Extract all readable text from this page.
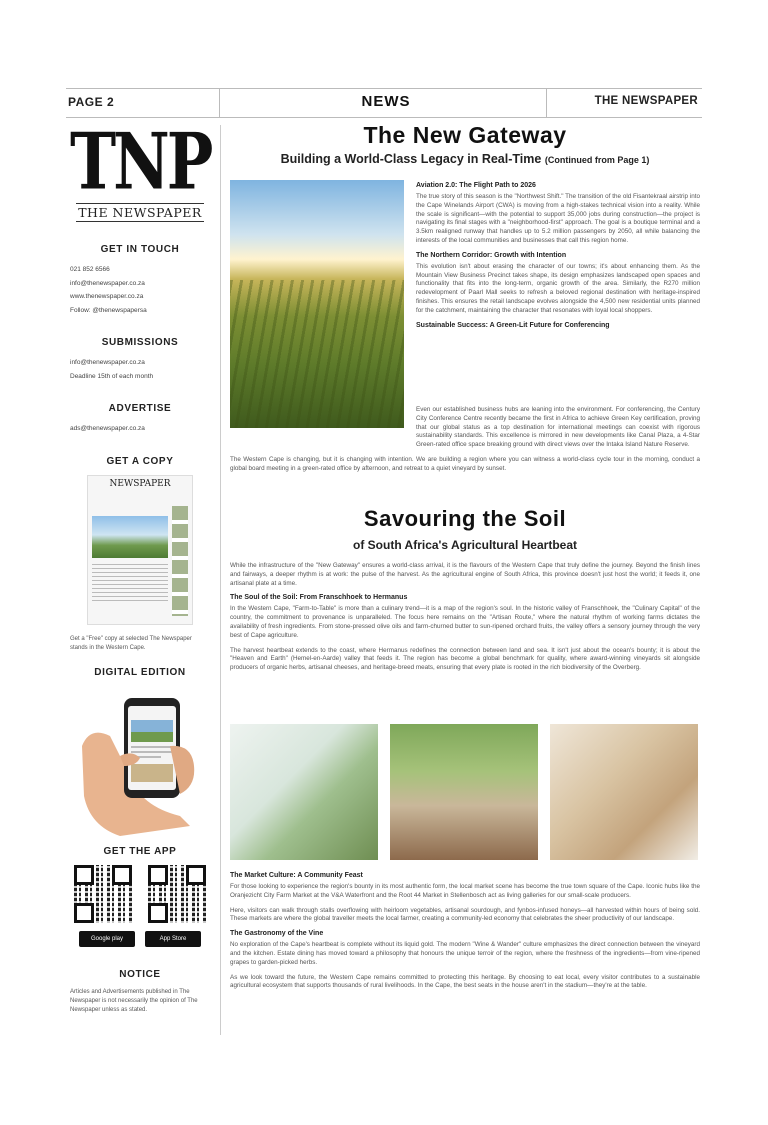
PAGE 2	NEWS	THE NEWSPAPER
TNP
THE NEWSPAPER
GET IN TOUCH
021 852 6566
info@thenewspaper.co.za
www.thenewspaper.co.za
Follow: @thenewspapersa
SUBMISSIONS
info@thenewspaper.co.za
Deadline 15th of each month
ADVERTISE
ads@thenewspaper.co.za
GET A COPY
NEWSPAPER
Get a "Free" copy at selected The Newspaper stands in the Western Cape.
DIGITAL EDITION
GET THE APP
Google play	App Store
NOTICE
Articles and Advertisements published in The Newspaper is not necessarily the opinion of The Newspaper unless as stated.
The New Gateway
Building a World-Class Legacy in Real-Time (Continued from Page 1)
Aviation 2.0: The Flight Path to 2026
The true story of this season is the "Northwest Shift." The transition of the old Fisantekraal airstrip into the Cape Winelands Airport (CWA) is moving from a high-stakes technical vision into a reality. While the scale is significant—with the potential to support 35,000 jobs during construction—the project is navigating its final stages with a "neighborhood-first" approach. The goal is a boutique terminal and a 3.5km realigned runway that handles up to 5.2 million passengers by 2050, all while balancing the interests of the local communities and businesses that call this region home.
The Northern Corridor: Growth with Intention
This evolution isn't about erasing the character of our towns; it's about enhancing them. As the Mountain View Business Precinct takes shape, its design emphasizes landscaped open spaces and functionality that fits into the long-term, organic growth of the area. Similarly, the R270 million redevelopment of Paarl Mall seeks to refresh a beloved regional destination with heritage-inspired finishes. This ensures the retail landscape evolves alongside the 4,500 new residential units planned for the catchment, maintaining the character that resonates with loyal local shoppers.
Sustainable Success: A Green-Lit Future for Conferencing
Even our established business hubs are leaning into the environment. For conferencing, the Century City Conference Centre recently became the first in Africa to achieve Green Key certification, proving that our global status as a top destination for international meetings can coexist with rigorous sustainability standards. This excellence is mirrored in new developments like Canal Plaza, a 4-Star Green-rated office space breaking ground with direct views over the Intaka Island Nature Reserve.
The Western Cape is changing, but it is changing with intention. We are building a region where you can witness a world-class cycle tour in the morning, conduct a global board meeting in a green-rated office by afternoon, and retreat to a quiet vineyard by sunset.
Savouring the Soil
of South Africa's Agricultural Heartbeat
While the infrastructure of the "New Gateway" ensures a world-class arrival, it is the flavours of the Western Cape that truly define the journey. Beyond the finish lines and fairways, a deeper rhythm is at work: the pulse of the harvest. As the agricultural engine of South Africa, this province doesn't just host the world; it feeds it, one artisanal plate at a time.
The Soul of the Soil: From Franschhoek to Hermanus
In the Western Cape, "Farm-to-Table" is more than a culinary trend—it is a map of the region's soul. In the historic valley of Franschhoek, the "Culinary Capital" of the country, the commitment to provenance is unparalleled. The focus here remains on the "Artisan Route," where the natural rhythm of working farms dictates the availability of fresh ingredients. From stone-pressed olive oils and farm-churned butter to sun-ripened orchard fruits, the valley offers a sensory journey through the very best of Cape agriculture.
The harvest heartbeat extends to the coast, where Hermanus redefines the connection between land and sea. It isn't just about the ocean's bounty; it is about the "Heaven and Earth" (Hemel-en-Aarde) valley that feeds it. The region has become a global benchmark for quality, where award-winning vineyards sit alongside producers of organic herbs, artisanal cheeses, and heritage-breed meats, ensuring that every plate is rooted in the rich biodiversity of the Overberg.
The Market Culture: A Community Feast
For those looking to experience the region's bounty in its most authentic form, the local market scene has become the true town square of the Cape. Iconic hubs like the Oranjezicht City Farm Market at the V&A Waterfront and the Root 44 Market in Stellenbosch act as living galleries for our small-scale producers.
Here, visitors can walk through stalls overflowing with heirloom vegetables, artisanal sourdough, and fynbos-infused honeys—all harvested within hours of being sold. These markets are where the global traveller meets the local farmer, creating a community-led economy that celebrates the sheer productivity of our landscape.
The Gastronomy of the Vine
No exploration of the Cape's heartbeat is complete without its liquid gold. The modern "Wine & Wander" culture emphasizes the direct connection between the vineyard and the kitchen. Estate dining has moved toward a philosophy that honours the unique terroir of the region, where the freshness of the ingredients—from vine-ripened grapes to garden-picked herbs.
As we look toward the future, the Western Cape remains committed to protecting this heritage. By choosing to eat local, every visitor contributes to a sustainable agricultural ecosystem that supports thousands of rural livelihoods. In the Cape, the best seats in the house aren't in the stadium—they're at the table.
